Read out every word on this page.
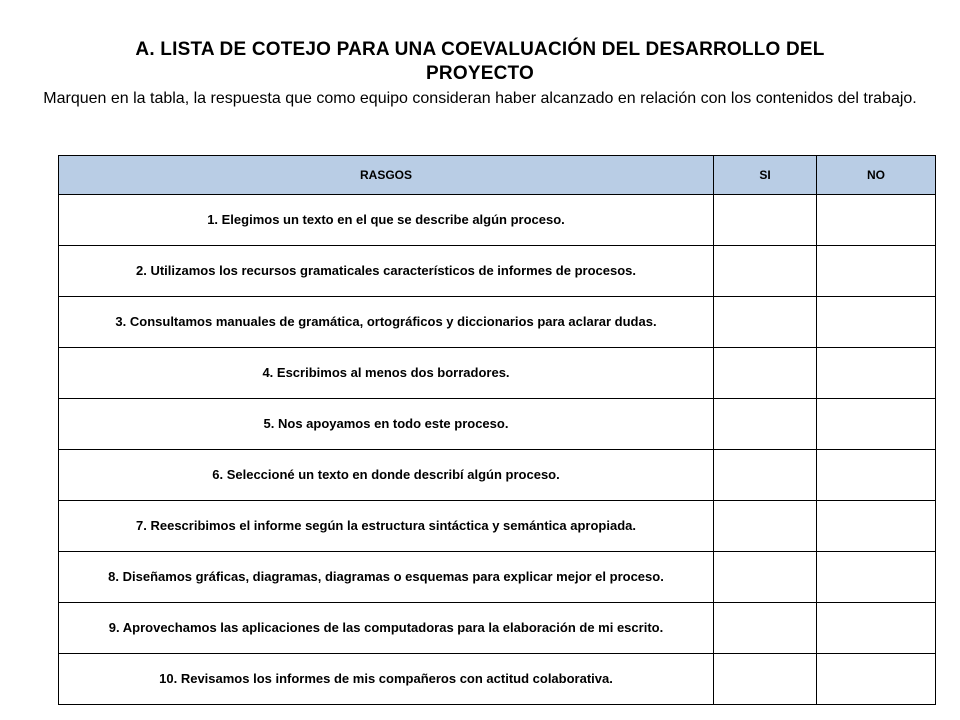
A. LISTA DE COTEJO PARA UNA COEVALUACIÓN DEL DESARROLLO DEL PROYECTO
Marquen en la tabla, la respuesta que como equipo consideran haber alcanzado en relación con los contenidos del trabajo.
RASGOS	SI	NO
1. Elegimos un texto en el que se describe algún proceso.		
2. Utilizamos los recursos gramaticales característicos de informes de procesos.		
3. Consultamos manuales de gramática, ortográficos y diccionarios para aclarar dudas.		
4. Escribimos al menos dos borradores.		
5. Nos apoyamos en todo este proceso.		
6. Seleccioné un texto en donde describí algún proceso.		
7. Reescribimos el informe según la estructura sintáctica y semántica apropiada.		
8. Diseñamos gráficas, diagramas, diagramas o esquemas para explicar mejor el proceso.		
9. Aprovechamos las aplicaciones de las computadoras para la elaboración de mi escrito.		
10. Revisamos los informes de mis compañeros con actitud colaborativa.		
